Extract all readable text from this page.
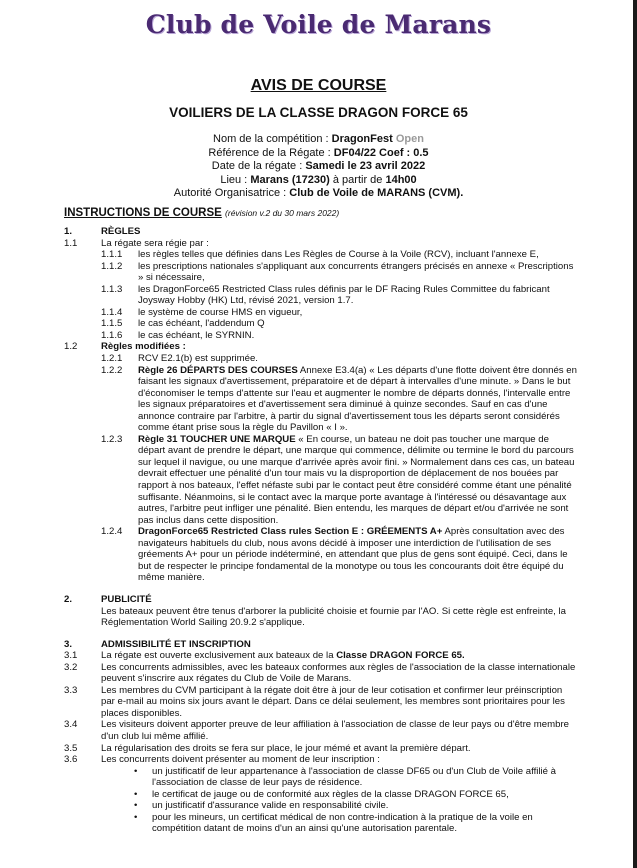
Club de Voile de Marans
AVIS DE COURSE
VOILIERS DE LA CLASSE DRAGON FORCE 65
Nom de la compétition : DragonFest Open
Référence de la Régate : DF04/22 Coef : 0.5
Date de la régate : Samedi le 23 avril 2022
Lieu : Marans (17230) à partir de 14h00
Autorité Organisatrice : Club de Voile de MARANS (CVM).
INSTRUCTIONS DE COURSE (révision v.2 du 30 mars 2022)
1.	RÈGLES
1.1 La régate sera régie par :
1.1.1 les règles telles que définies dans Les Règles de Course à la Voile (RCV), incluant l'annexe E,
1.1.2 les prescriptions nationales s'appliquant aux concurrents étrangers précisés en annexe « Prescriptions » si nécessaire,
1.1.3 les DragonForce65 Restricted Class rules définis par le DF Racing Rules Committee du fabricant Joysway Hobby (HK) Ltd, révisé 2021, version 1.7.
1.1.4 le système de course HMS en vigueur,
1.1.5 le cas échéant, l'addendum Q
1.1.6 le cas échéant, le SYRNIN.
1.2 Règles modifiées :
1.2.1 RCV E2.1(b) est supprimée.
1.2.2 Règle 26 DÉPARTS DES COURSES Annexe E3.4(a) « Les départs d'une flotte doivent être donnés en faisant les signaux d'avertissement, préparatoire et de départ à intervalles d'une minute. » Dans le but d'économiser le temps d'attente sur l'eau et augmenter le nombre de départs donnés, l'intervalle entre les signaux préparatoires et d'avertissement sera diminué à quinze secondes. Sauf en cas d'une annonce contraire par l'arbitre, à partir du signal d'avertissement tous les départs seront considérés comme étant prise sous la règle du Pavillon « I ».
1.2.3 Règle 31 TOUCHER UNE MARQUE « En course, un bateau ne doit pas toucher une marque de départ avant de prendre le départ, une marque qui commence, délimite ou termine le bord du parcours sur lequel il navigue, ou une marque d'arrivée après avoir fini. » Normalement dans ces cas, un bateau devrait effectuer une pénalité d'un tour mais vu la disproportion de déplacement de nos bouées par rapport à nos bateaux, l'effet néfaste subi par le contact peut être considéré comme étant une pénalité suffisante. Néanmoins, si le contact avec la marque porte avantage à l'intéressé ou désavantage aux autres, l'arbitre peut infliger une pénalité. Bien entendu, les marques de départ et/ou d'arrivée ne sont pas inclus dans cette disposition.
1.2.4 DragonForce65 Restricted Class rules Section E : GRÉEMENTS A+ Après consultation avec des navigateurs habituels du club, nous avons décidé à imposer une interdiction de l'utilisation de ses gréements A+ pour un période indéterminé, en attendant que plus de gens sont équipé. Ceci, dans le but de respecter le principe fondamental de la monotype ou tous les concourants doit être équipé du même manière.
2.	PUBLICITÉ
Les bateaux peuvent être tenus d'arborer la publicité choisie et fournie par l'AO. Si cette règle est enfreinte, la Réglementation World Sailing 20.9.2 s'applique.
3.	ADMISSIBILITÉ ET INSCRIPTION
3.1 La régate est ouverte exclusivement aux bateaux de la Classe DRAGON FORCE 65.
3.2 Les concurrents admissibles, avec les bateaux conformes aux règles de l'association de la classe internationale peuvent s'inscrire aux régates du Club de Voile de Marans.
3.3 Les membres du CVM participant à la régate doit être à jour de leur cotisation et confirmer leur préinscription par e-mail au moins six jours avant le départ. Dans ce délai seulement, les membres sont prioritaires pour les places disponibles.
3.4 Les visiteurs doivent apporter preuve de leur affiliation à l'association de classe de leur pays ou d'être membre d'un club lui même affilié.
3.5 La régularisation des droits se fera sur place, le jour mémé et avant la première départ.
3.6 Les concurrents doivent présenter au moment de leur inscription :
• un justificatif de leur appartenance à l'association de classe DF65 ou d'un Club de Voile affilié à l'association de classe de leur pays de résidence.
• le certificat de jauge ou de conformité aux règles de la classe DRAGON FORCE 65,
• un justificatif d'assurance valide en responsabilité civile.
• pour les mineurs, un certificat médical de non contre-indication à la pratique de la voile en compétition datant de moins d'un an ainsi qu'une autorisation parentale.
